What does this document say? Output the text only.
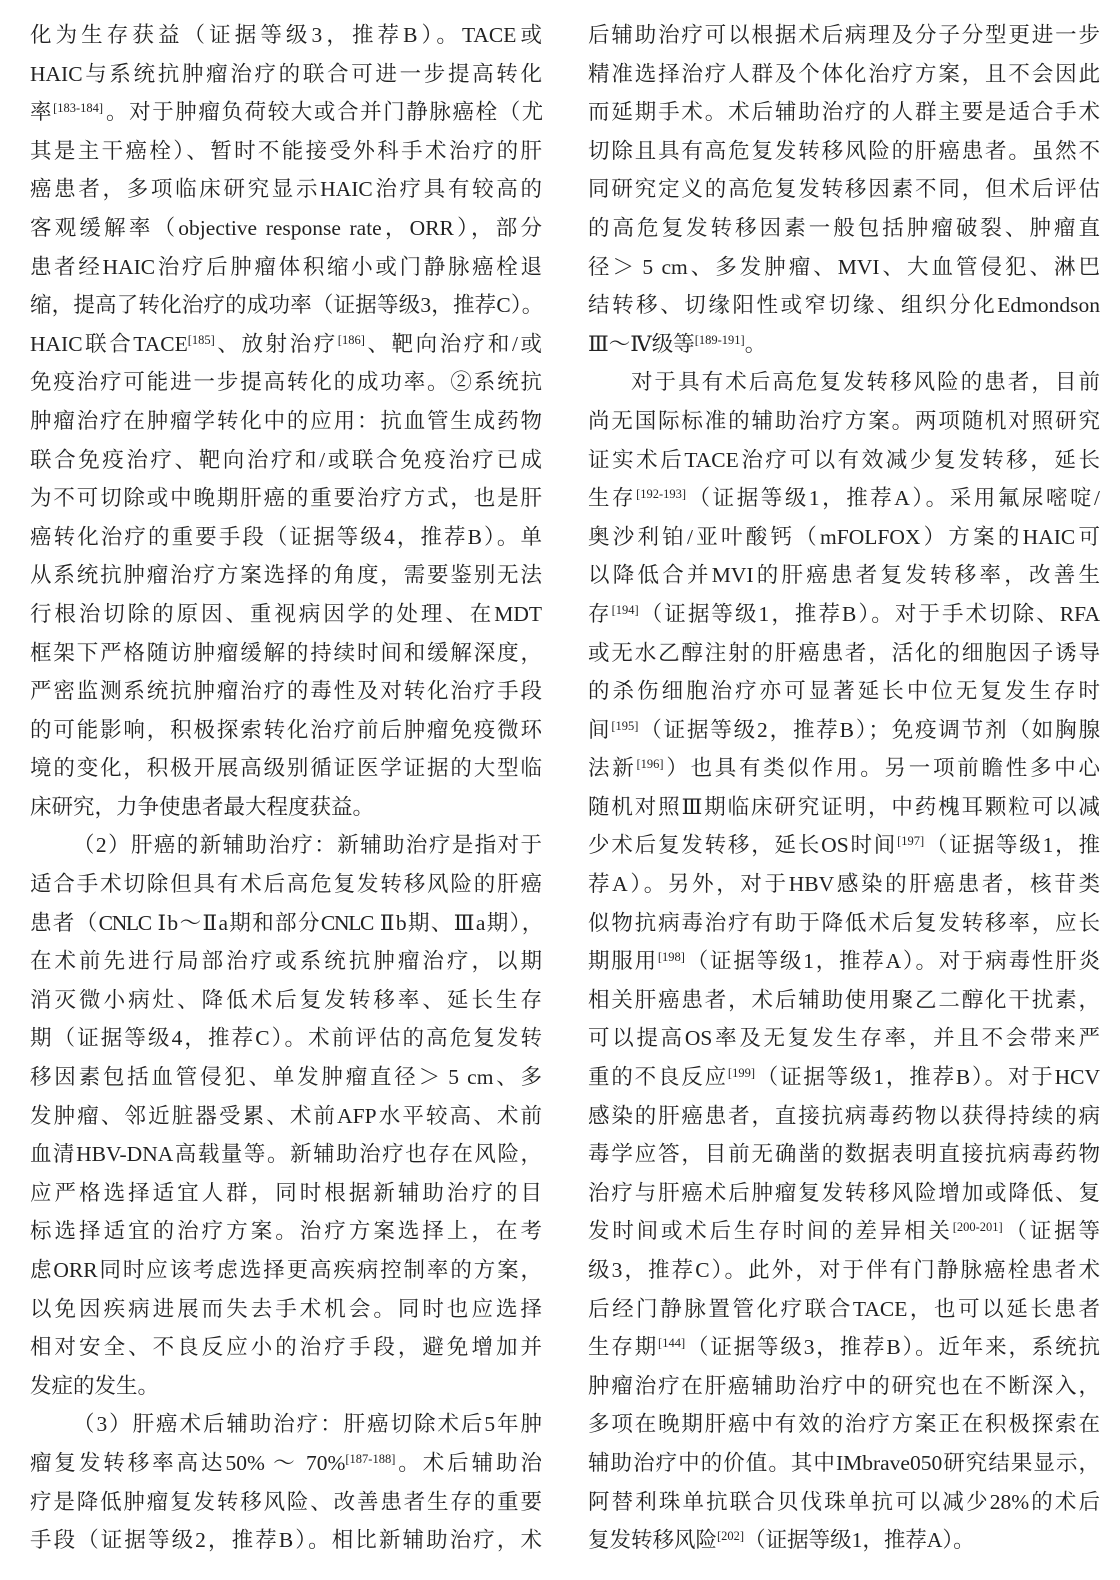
化为生存获益（证据等级3，推荐B）。TACE或
HAIC与系统抗肿瘤治疗的联合可进一步提高转化
率[183-184]。对于肿瘤负荷较大或合并门静脉癌栓（尤
其是主干癌栓）、暂时不能接受外科手术治疗的肝
癌患者，多项临床研究显示HAIC治疗具有较高的
客观缓解率（objective response rate，ORR），部分
患者经HAIC治疗后肿瘤体积缩小或门静脉癌栓退
缩，提高了转化治疗的成功率（证据等级3，推荐C）。
HAIC联合TACE[185]、放射治疗[186]、靶向治疗和/或
免疫治疗可能进一步提高转化的成功率。②系统抗
肿瘤治疗在肿瘤学转化中的应用：抗血管生成药物
联合免疫治疗、靶向治疗和/或联合免疫治疗已成
为不可切除或中晚期肝癌的重要治疗方式，也是肝
癌转化治疗的重要手段（证据等级4，推荐B）。单
从系统抗肿瘤治疗方案选择的角度，需要鉴别无法
行根治切除的原因、重视病因学的处理、在MDT
框架下严格随访肿瘤缓解的持续时间和缓解深度，
严密监测系统抗肿瘤治疗的毒性及对转化治疗手段
的可能影响，积极探索转化治疗前后肿瘤免疫微环
境的变化，积极开展高级别循证医学证据的大型临
床研究，力争使患者最大程度获益。
（2）肝癌的新辅助治疗：新辅助治疗是指对于
适合手术切除但具有术后高危复发转移风险的肝癌
患者（CNLC Ⅰb～Ⅱa期和部分CNLC Ⅱb期、Ⅲa期），
在术前先进行局部治疗或系统抗肿瘤治疗，以期
消灭微小病灶、降低术后复发转移率、延长生存
期（证据等级4，推荐C）。术前评估的高危复发转
移因素包括血管侵犯、单发肿瘤直径＞ 5 cm、多
发肿瘤、邻近脏器受累、术前AFP水平较高、术前
血清HBV-DNA高载量等。新辅助治疗也存在风险，
应严格选择适宜人群，同时根据新辅助治疗的目
标选择适宜的治疗方案。治疗方案选择上，在考
虑ORR同时应该考虑选择更高疾病控制率的方案，
以免因疾病进展而失去手术机会。同时也应选择
相对安全、不良反应小的治疗手段，避免增加并
发症的发生。
（3）肝癌术后辅助治疗：肝癌切除术后5年肿
瘤复发转移率高达50% ～ 70%[187-188]。术后辅助治
疗是降低肿瘤复发转移风险、改善患者生存的重要
手段（证据等级2，推荐B）。相比新辅助治疗，术
后辅助治疗可以根据术后病理及分子分型更进一步
精准选择治疗人群及个体化治疗方案，且不会因此
而延期手术。术后辅助治疗的人群主要是适合手术
切除且具有高危复发转移风险的肝癌患者。虽然不
同研究定义的高危复发转移因素不同，但术后评估
的高危复发转移因素一般包括肿瘤破裂、肿瘤直
径＞ 5 cm、多发肿瘤、MVI、大血管侵犯、淋巴
结转移、切缘阳性或窄切缘、组织分化Edmondson
Ⅲ～Ⅳ级等[189-191]。
对于具有术后高危复发转移风险的患者，目前
尚无国际标准的辅助治疗方案。两项随机对照研究
证实术后TACE治疗可以有效减少复发转移，延长
生存[192-193]（证据等级1，推荐A）。采用氟尿嘧啶/
奥沙利铂/亚叶酸钙（mFOLFOX）方案的HAIC可
以降低合并MVI的肝癌患者复发转移率，改善生
存[194]（证据等级1，推荐B）。对于手术切除、RFA
或无水乙醇注射的肝癌患者，活化的细胞因子诱导
的杀伤细胞治疗亦可显著延长中位无复发生存时
间[195]（证据等级2，推荐B）；免疫调节剂（如胸腺
法新[196]）也具有类似作用。另一项前瞻性多中心
随机对照Ⅲ期临床研究证明，中药槐耳颗粒可以减
少术后复发转移，延长OS时间[197]（证据等级1，推
荐A）。另外，对于HBV感染的肝癌患者，核苷类
似物抗病毒治疗有助于降低术后复发转移率，应长
期服用[198]（证据等级1，推荐A）。对于病毒性肝炎
相关肝癌患者，术后辅助使用聚乙二醇化干扰素，
可以提高OS率及无复发生存率，并且不会带来严
重的不良反应[199]（证据等级1，推荐B）。对于HCV
感染的肝癌患者，直接抗病毒药物以获得持续的病
毒学应答，目前无确凿的数据表明直接抗病毒药物
治疗与肝癌术后肿瘤复发转移风险增加或降低、复
发时间或术后生存时间的差异相关[200-201]（证据等
级3，推荐C）。此外，对于伴有门静脉癌栓患者术
后经门静脉置管化疗联合TACE，也可以延长患者
生存期[144]（证据等级3，推荐B）。近年来，系统抗
肿瘤治疗在肝癌辅助治疗中的研究也在不断深入，
多项在晚期肝癌中有效的治疗方案正在积极探索在
辅助治疗中的价值。其中IMbrave050研究结果显示，
阿替利珠单抗联合贝伐珠单抗可以减少28%的术后
复发转移风险[202]（证据等级1，推荐A）。
